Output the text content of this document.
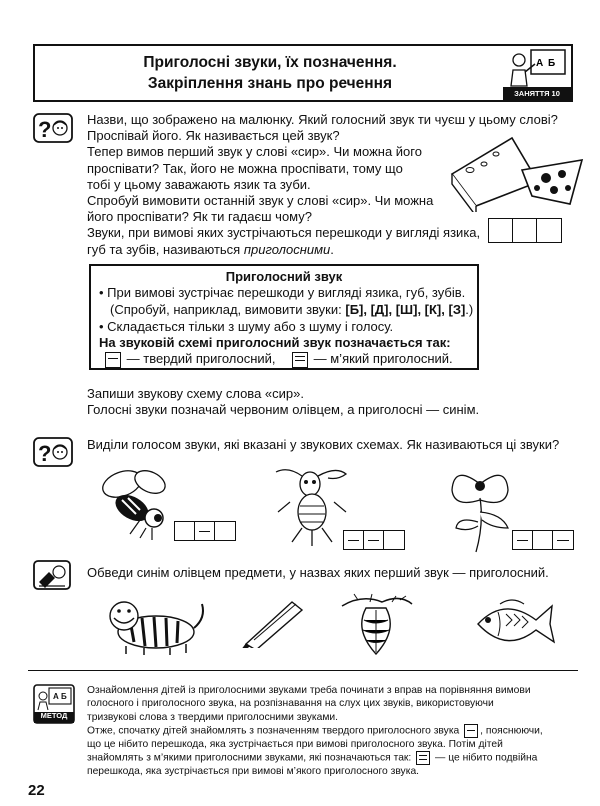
Приголосні звуки, їх позначення.
Закріплення знань про речення
А Б
ЗАНЯТТЯ 10
?	Назви, що зображено на малюнку. Який голосний звук ти чуєш у цьому слові?
Проспівай його. Як називається цей звук?
Тепер вимов перший звук у слові «сир». Чи можна його
проспівати? Так, його не можна проспівати, тому що
тобі у цьому заважають язик та зуби.
Спробуй вимовити останній звук у слові «сир». Чи можна
його проспівати? Як ти гадаєш чому?
Звуки, при вимові яких зустрічаються перешкоди у вигляді язика,
губ та зубів, називаються приголосними.
Приголосний звук
• При вимові зустрічає перешкоди у вигляді язика, губ, зубів.
(Спробуй, наприклад, вимовити звуки: [Б], [Д], [Ш], [К], [З].)
• Складається тільки з шуму або з шуму і голосу.
На звуковій схемі приголосний звук позначається так:
— твердий приголосний,	— м’який приголосний.
Запиши звукову схему слова «сир».
Голосні звуки позначай червоним олівцем, а приголосні — синім.
?	Виділи голосом звуки, які вказані у звукових схемах. Як називаються ці звуки?
Обведи синім олівцем предмети, у назвах яких перший звук — приголосний.
А Б
МЕТОД
Ознайомлення дітей із приголосними звуками треба починати з вправ на порівняння вимови
голосного і приголосного звука, на розпізнавання на слух цих звуків, використовуючи
тризвукові слова з твердими приголосними звуками.
Отже, спочатку дітей знайомлять з позначенням твердого приголосного звука , пояснюючи,
що це нібито перешкода, яка зустрічається при вимові приголосного звука. Потім дітей
знайомлять з м’якими приголосними звуками, які позначаються так: — це нібито подвійна
перешкода, яка зустрічається при вимові м’якого приголосного звука.
22
